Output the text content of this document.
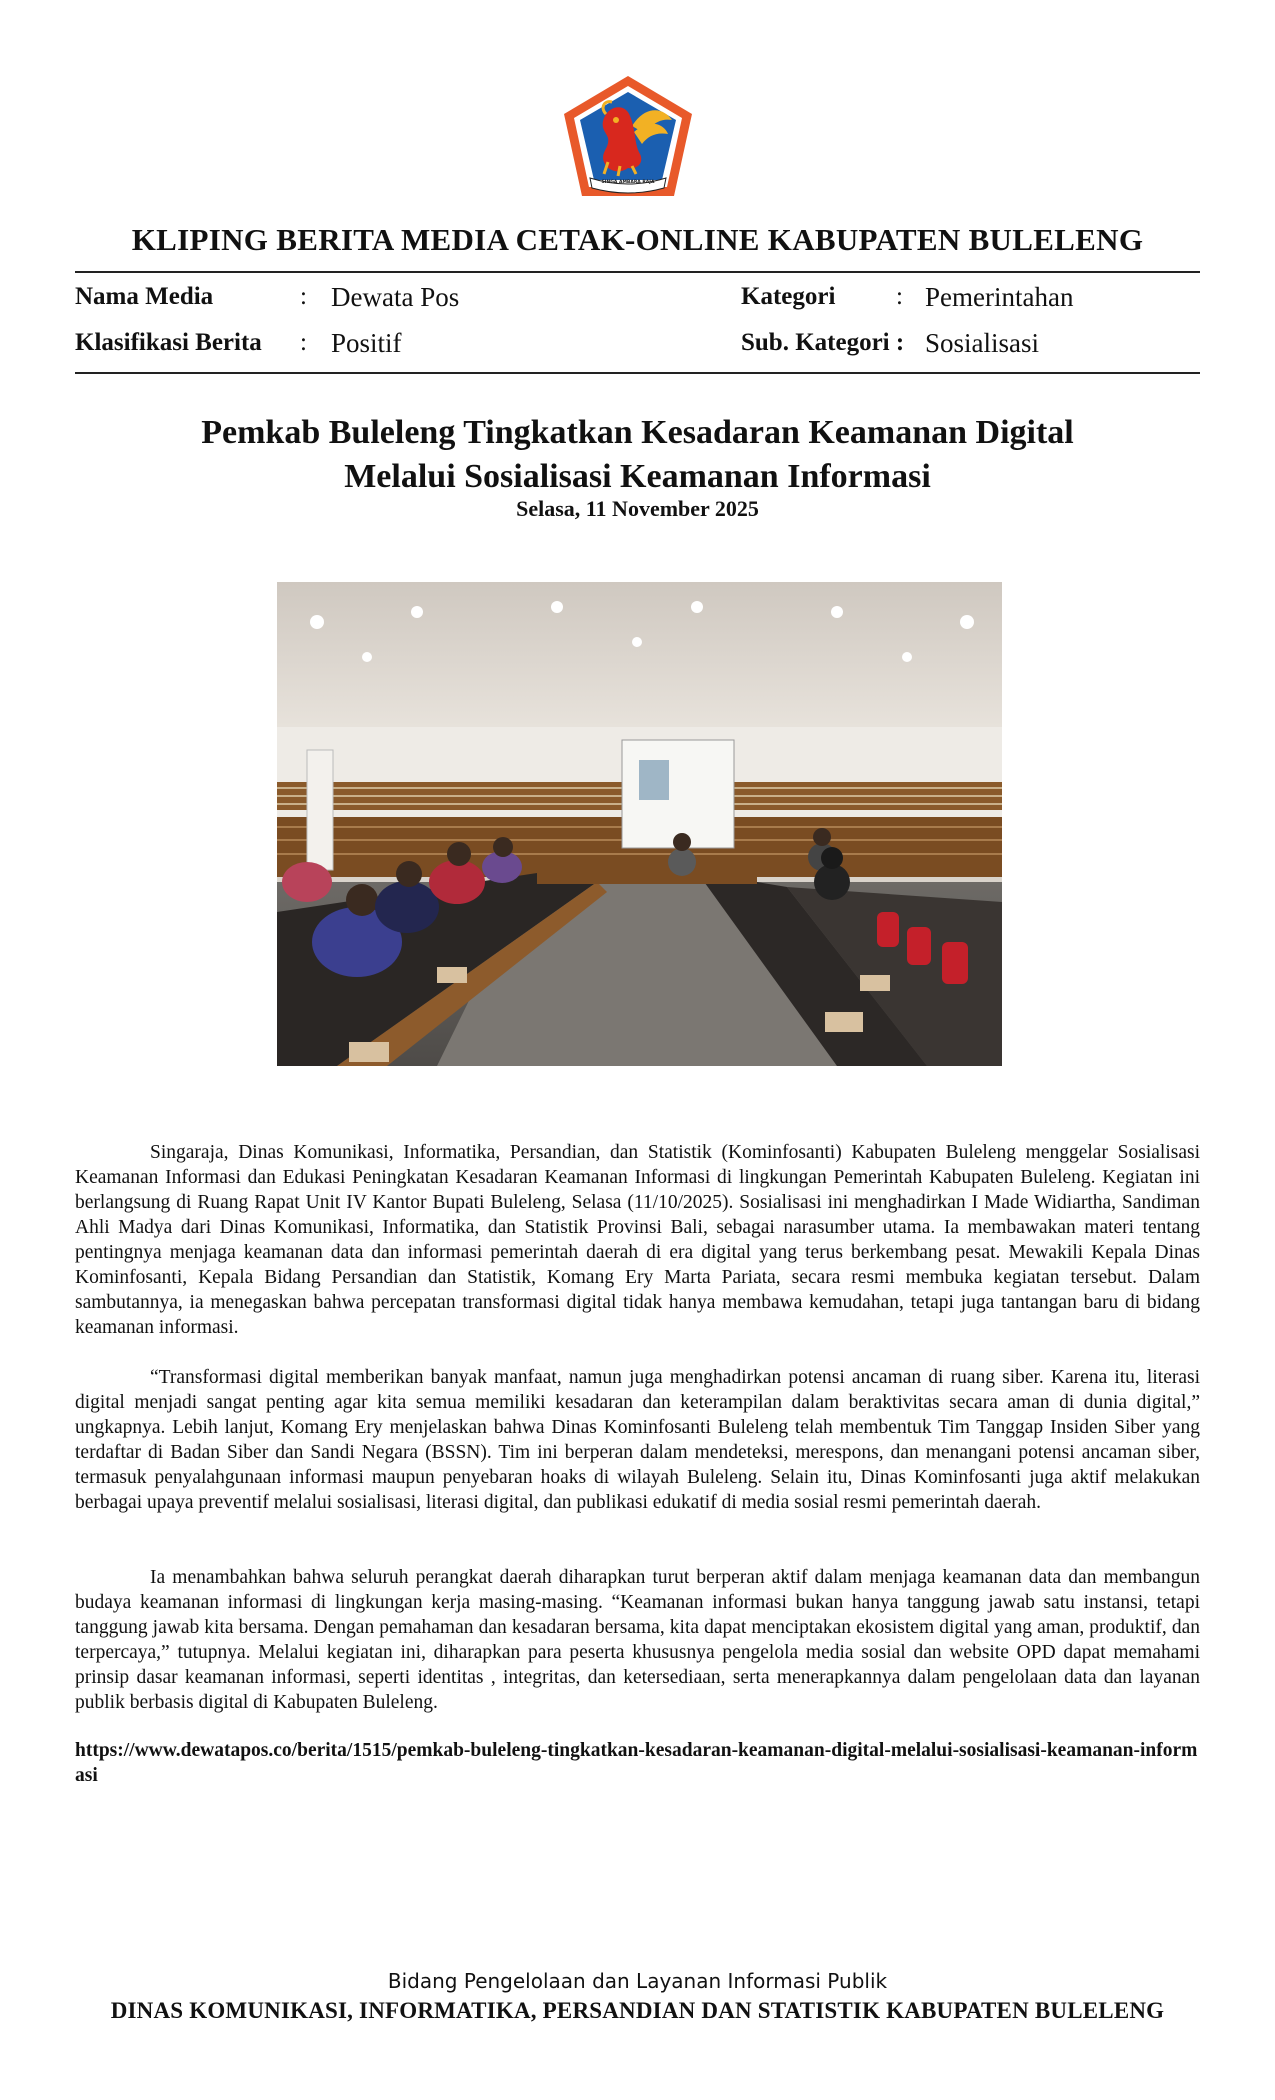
SINGA AMBARA RAJA
KLIPING BERITA MEDIA CETAK-ONLINE KABUPATEN BULELENG
Nama Media	: Dewata Pos
Klasifikasi Berita : Positif
Kategori : Pemerintahan
Sub. Kategori : Sosialisasi
Pemkab Buleleng Tingkatkan Kesadaran Keamanan Digital
Melalui Sosialisasi Keamanan Informasi
Selasa, 11 November 2025

Singaraja, Dinas Komunikasi, Informatika, Persandian, dan Statistik (Kominfosanti) Kabupaten Buleleng menggelar Sosialisasi Keamanan Informasi dan Edukasi Peningkatan Kesadaran Keamanan Informasi di lingkungan Pemerintah Kabupaten Buleleng. Kegiatan ini berlangsung di Ruang Rapat Unit IV Kantor Bupati Buleleng, Selasa (11/10/2025). Sosialisasi ini menghadirkan I Made Widiartha, Sandiman Ahli Madya dari Dinas Komunikasi, Informatika, dan Statistik Provinsi Bali, sebagai narasumber utama. Ia membawakan materi tentang pentingnya menjaga keamanan data dan informasi pemerintah daerah di era digital yang terus berkembang pesat. Mewakili Kepala Dinas Kominfosanti, Kepala Bidang Persandian dan Statistik, Komang Ery Marta Pariata, secara resmi membuka kegiatan tersebut. Dalam sambutannya, ia menegaskan bahwa percepatan transformasi digital tidak hanya membawa kemudahan, tetapi juga tantangan baru di bidang keamanan informasi.

“Transformasi digital memberikan banyak manfaat, namun juga menghadirkan potensi ancaman di ruang siber. Karena itu, literasi digital menjadi sangat penting agar kita semua memiliki kesadaran dan keterampilan dalam beraktivitas secara aman di dunia digital,” ungkapnya. Lebih lanjut, Komang Ery menjelaskan bahwa Dinas Kominfosanti Buleleng telah membentuk Tim Tanggap Insiden Siber yang terdaftar di Badan Siber dan Sandi Negara (BSSN). Tim ini berperan dalam mendeteksi, merespons, dan menangani potensi ancaman siber, termasuk penyalahgunaan informasi maupun penyebaran hoaks di wilayah Buleleng. Selain itu, Dinas Kominfosanti juga aktif melakukan berbagai upaya preventif melalui sosialisasi, literasi digital, dan publikasi edukatif di media sosial resmi pemerintah daerah.

Ia menambahkan bahwa seluruh perangkat daerah diharapkan turut berperan aktif dalam menjaga keamanan data dan membangun budaya keamanan informasi di lingkungan kerja masing-masing. “Keamanan informasi bukan hanya tanggung jawab satu instansi, tetapi tanggung jawab kita bersama. Dengan pemahaman dan kesadaran bersama, kita dapat menciptakan ekosistem digital yang aman, produktif, dan terpercaya,” tutupnya. Melalui kegiatan ini, diharapkan para peserta khususnya pengelola media sosial dan website OPD dapat memahami prinsip dasar keamanan informasi, seperti identitas , integritas, dan ketersediaan, serta menerapkannya dalam pengelolaan data dan layanan publik berbasis digital di Kabupaten Buleleng.

https://www.dewatapos.co/berita/1515/pemkab-buleleng-tingkatkan-kesadaran-keamanan-digital-melalui-sosialisasi-keamanan-informasi

Bidang Pengelolaan dan Layanan Informasi Publik
DINAS KOMUNIKASI, INFORMATIKA, PERSANDIAN DAN STATISTIK KABUPATEN BULELENG
